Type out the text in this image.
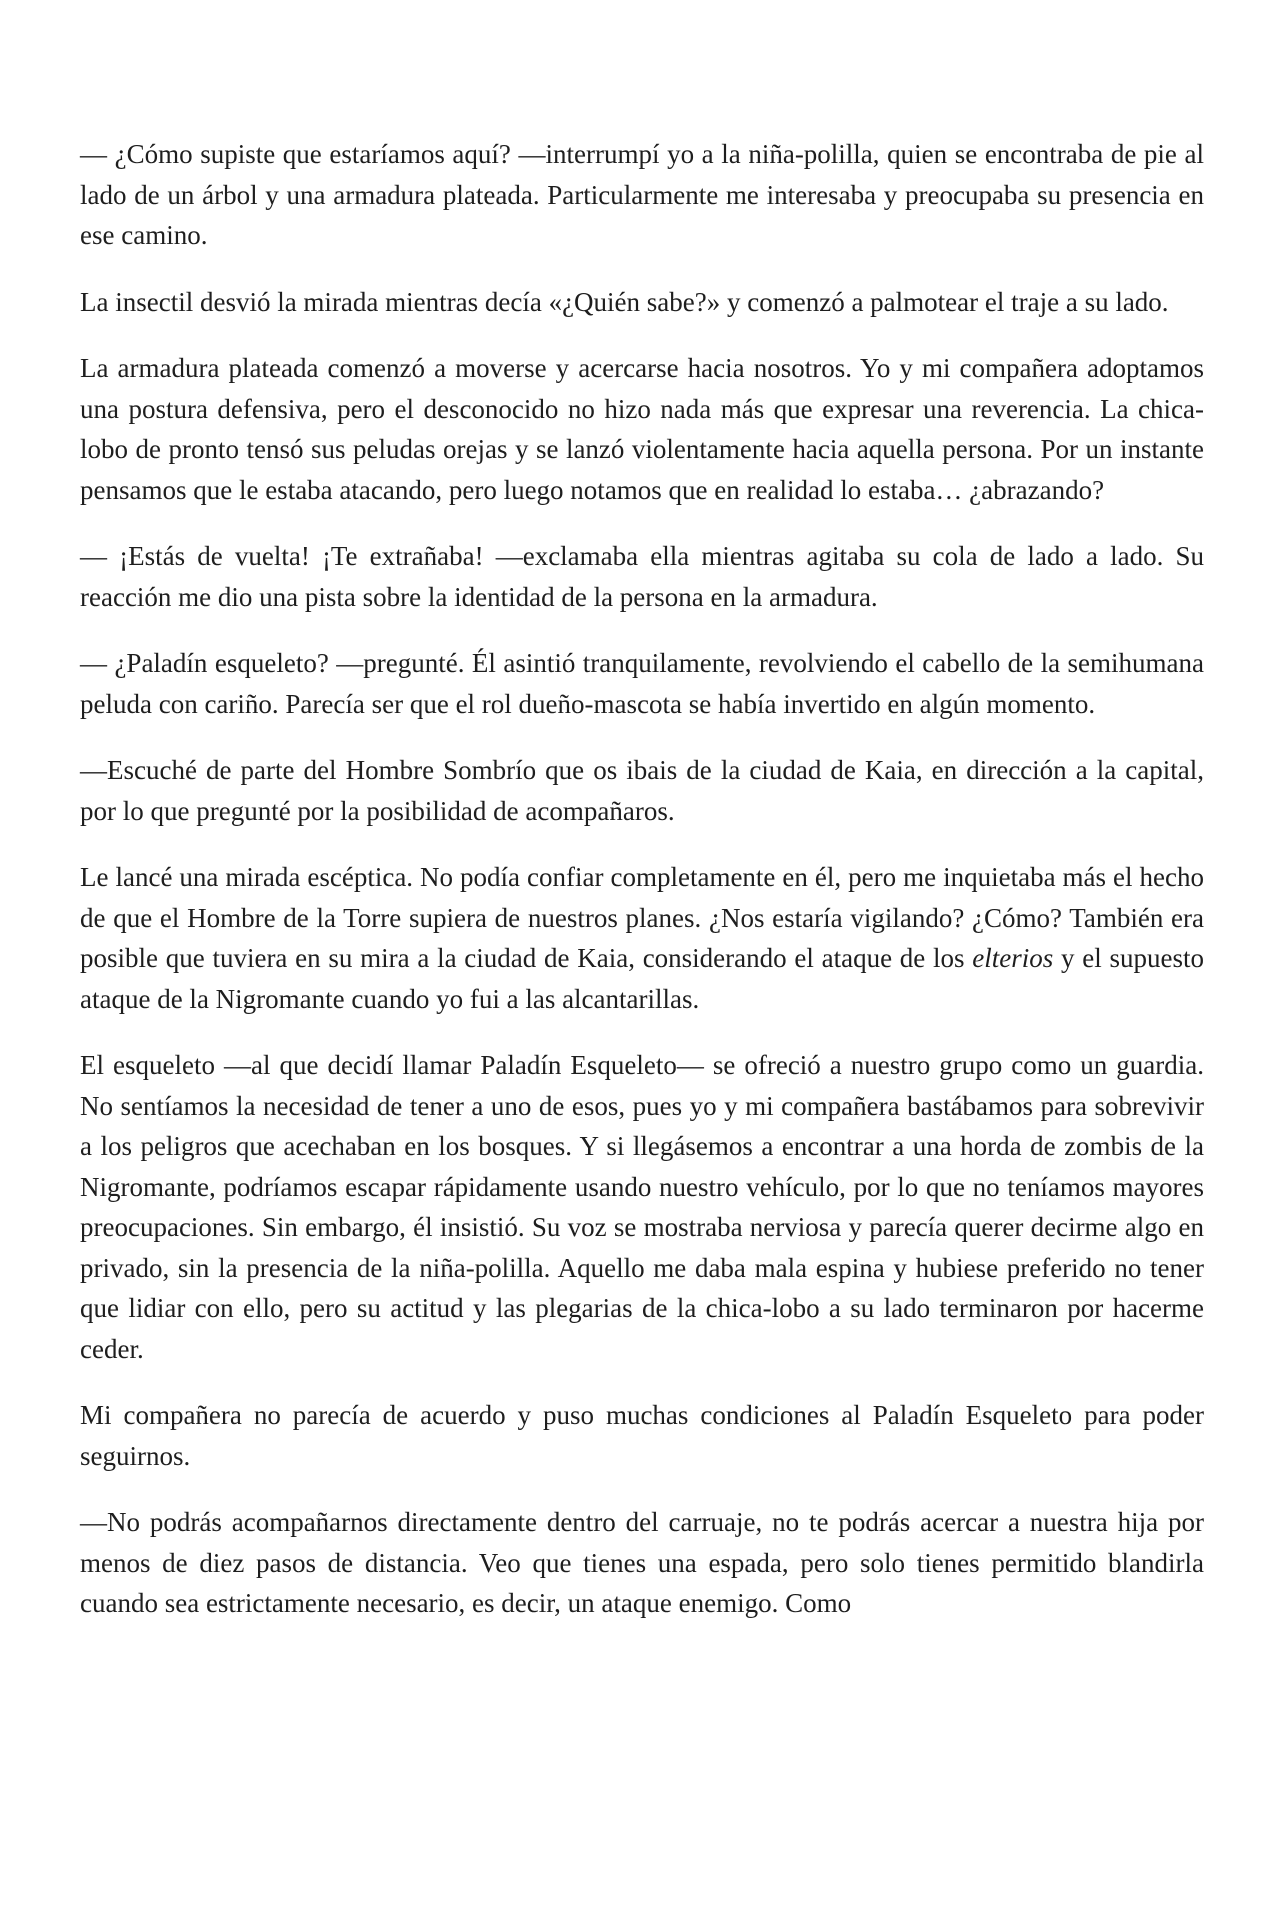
— ¿Cómo supiste que estaríamos aquí? —interrumpí yo a la niña-polilla, quien se encontraba de pie al lado de un árbol y una armadura plateada. Particularmente me interesaba y preocupaba su presencia en ese camino.

La insectil desvió la mirada mientras decía «¿Quién sabe?» y comenzó a palmotear el traje a su lado.

La armadura plateada comenzó a moverse y acercarse hacia nosotros. Yo y mi compañera adoptamos una postura defensiva, pero el desconocido no hizo nada más que expresar una reverencia. La chica-lobo de pronto tensó sus peludas orejas y se lanzó violentamente hacia aquella persona. Por un instante pensamos que le estaba atacando, pero luego notamos que en realidad lo estaba… ¿abrazando?

— ¡Estás de vuelta! ¡Te extrañaba! —exclamaba ella mientras agitaba su cola de lado a lado. Su reacción me dio una pista sobre la identidad de la persona en la armadura.

— ¿Paladín esqueleto? —pregunté. Él asintió tranquilamente, revolviendo el cabello de la semihumana peluda con cariño. Parecía ser que el rol dueño-mascota se había invertido en algún momento.

—Escuché de parte del Hombre Sombrío que os ibais de la ciudad de Kaia, en dirección a la capital, por lo que pregunté por la posibilidad de acompañaros.

Le lancé una mirada escéptica. No podía confiar completamente en él, pero me inquietaba más el hecho de que el Hombre de la Torre supiera de nuestros planes. ¿Nos estaría vigilando? ¿Cómo? También era posible que tuviera en su mira a la ciudad de Kaia, considerando el ataque de los elterios y el supuesto ataque de la Nigromante cuando yo fui a las alcantarillas.

El esqueleto —al que decidí llamar Paladín Esqueleto— se ofreció a nuestro grupo como un guardia. No sentíamos la necesidad de tener a uno de esos, pues yo y mi compañera bastábamos para sobrevivir a los peligros que acechaban en los bosques. Y si llegásemos a encontrar a una horda de zombis de la Nigromante, podríamos escapar rápidamente usando nuestro vehículo, por lo que no teníamos mayores preocupaciones. Sin embargo, él insistió. Su voz se mostraba nerviosa y parecía querer decirme algo en privado, sin la presencia de la niña-polilla. Aquello me daba mala espina y hubiese preferido no tener que lidiar con ello, pero su actitud y las plegarias de la chica-lobo a su lado terminaron por hacerme ceder.

Mi compañera no parecía de acuerdo y puso muchas condiciones al Paladín Esqueleto para poder seguirnos.

—No podrás acompañarnos directamente dentro del carruaje, no te podrás acercar a nuestra hija por menos de diez pasos de distancia. Veo que tienes una espada, pero solo tienes permitido blandirla cuando sea estrictamente necesario, es decir, un ataque enemigo. Como
